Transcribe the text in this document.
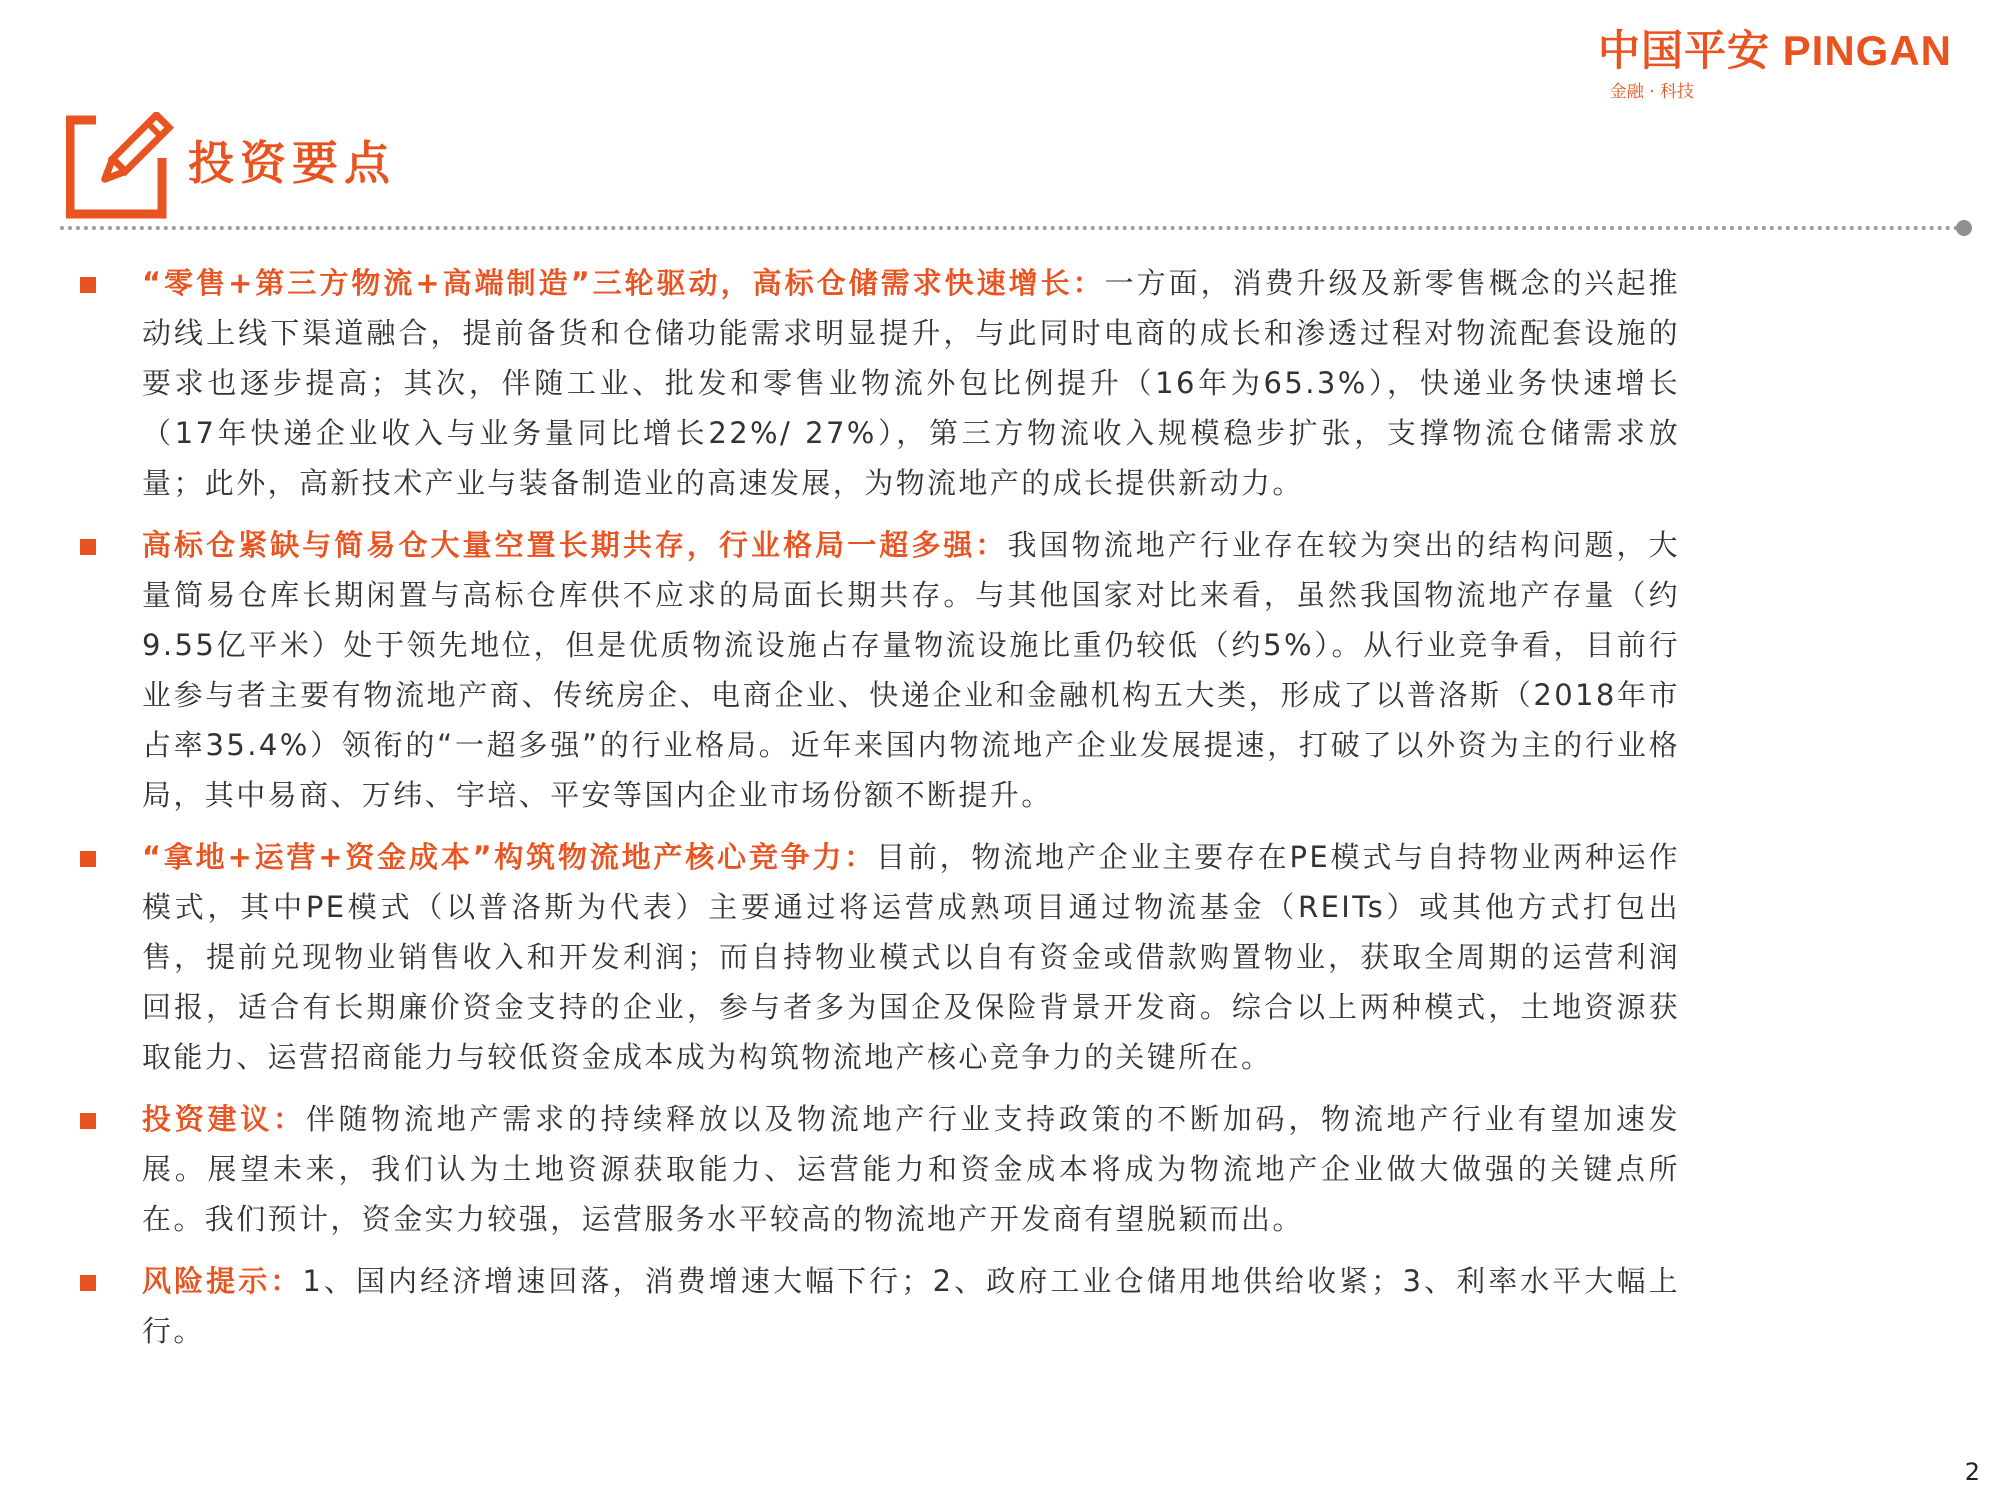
中国平安 PINGAN
金融 · 科技
投资要点

“零售+第三方物流+高端制造”三轮驱动，高标仓储需求快速增长：一方面，消费升级及新零售概念的兴起推动线上线下渠道融合，提前备货和仓储功能需求明显提升，与此同时电商的成长和渗透过程对物流配套设施的要求也逐步提高；其次，伴随工业、批发和零售业物流外包比例提升（16年为65.3%），快递业务快速增长（17年快递企业收入与业务量同比增长22%/ 27%），第三方物流收入规模稳步扩张，支撑物流仓储需求放量；此外，高新技术产业与装备制造业的高速发展，为物流地产的成长提供新动力。

高标仓紧缺与简易仓大量空置长期共存，行业格局一超多强：我国物流地产行业存在较为突出的结构问题，大量简易仓库长期闲置与高标仓库供不应求的局面长期共存。与其他国家对比来看，虽然我国物流地产存量（约9.55亿平米）处于领先地位，但是优质物流设施占存量物流设施比重仍较低（约5%）。从行业竞争看，目前行业参与者主要有物流地产商、传统房企、电商企业、快递企业和金融机构五大类，形成了以普洛斯（2018年市占率35.4%）领衔的“一超多强”的行业格局。近年来国内物流地产企业发展提速，打破了以外资为主的行业格局，其中易商、万纬、宇培、平安等国内企业市场份额不断提升。

“拿地+运营+资金成本”构筑物流地产核心竞争力：目前，物流地产企业主要存在PE模式与自持物业两种运作模式，其中PE模式（以普洛斯为代表）主要通过将运营成熟项目通过物流基金（REITs）或其他方式打包出售，提前兑现物业销售收入和开发利润；而自持物业模式以自有资金或借款购置物业，获取全周期的运营利润回报，适合有长期廉价资金支持的企业，参与者多为国企及保险背景开发商。综合以上两种模式，土地资源获取能力、运营招商能力与较低资金成本成为构筑物流地产核心竞争力的关键所在。

投资建议：伴随物流地产需求的持续释放以及物流地产行业支持政策的不断加码，物流地产行业有望加速发展。展望未来，我们认为土地资源获取能力、运营能力和资金成本将成为物流地产企业做大做强的关键点所在。我们预计，资金实力较强，运营服务水平较高的物流地产开发商有望脱颖而出。

风险提示：1、国内经济增速回落，消费增速大幅下行；2、政府工业仓储用地供给收紧；3、利率水平大幅上行。

2
